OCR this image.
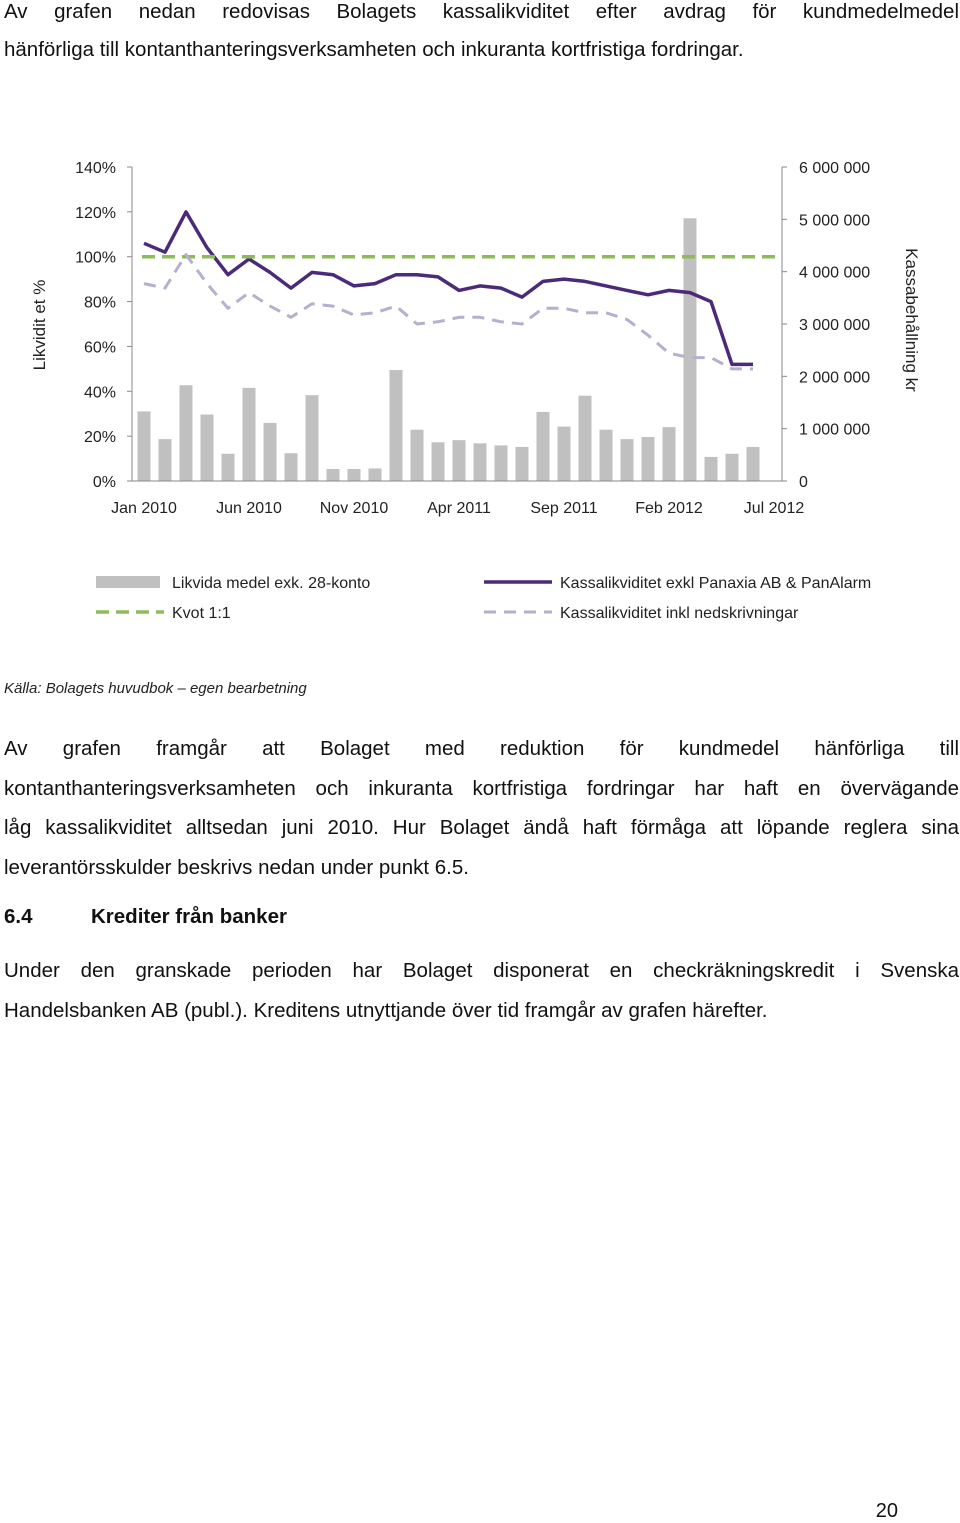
Av grafen nedan redovisas Bolagets kassalikviditet efter avdrag för kundmedelmedel
hänförliga till kontanthanteringsverksamheten och inkuranta kortfristiga fordringar.
140%
120%
100%
80%
60%
40%
20%
0%
6 000 000
5 000 000
4 000 000
3 000 000
2 000 000
1 000 000
0
Jan 2010 Jun 2010 Nov 2010 Apr 2011 Sep 2011 Feb 2012	Jul 2012
Likvidit et %	Kassabehållning kr
Likvida medel exk. 28-konto	Kassalikviditet exkl Panaxia AB & PanAlarm
Kvot 1:1	Kassalikviditet inkl nedskrivningar

Källa: Bolagets huvudbok – egen bearbetning

Av grafen framgår att Bolaget med reduktion för kundmedel hänförliga till
kontanthanteringsverksamheten och inkuranta kortfristiga fordringar har haft en övervägande
låg kassalikviditet alltsedan juni 2010. Hur Bolaget ändå haft förmåga att löpande reglera sina
leverantörsskulder beskrivs nedan under punkt 6.5.

6.4	Krediter från banker

Under den granskade perioden har Bolaget disponerat en checkräkningskredit i Svenska
Handelsbanken AB (publ.). Kreditens utnyttjande över tid framgår av grafen härefter.

20
